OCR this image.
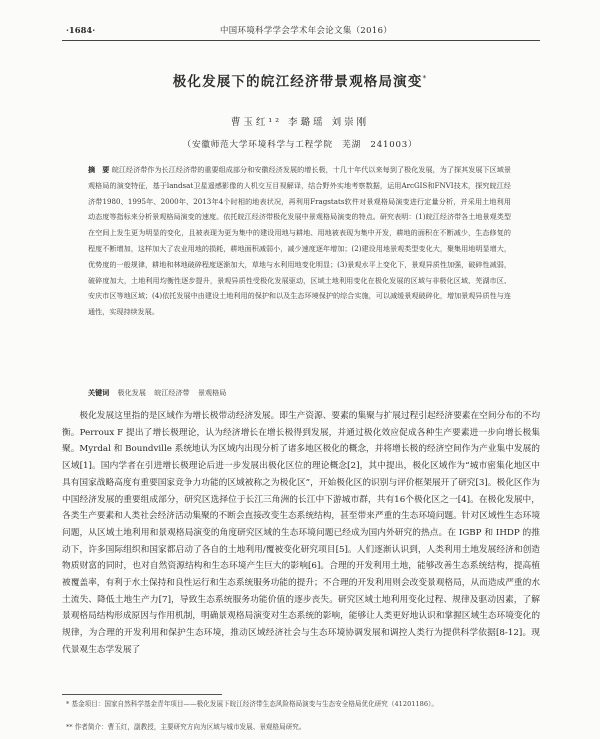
·1684·	中国环境科学学会学术年会论文集（2016）
极化发展下的皖江经济带景观格局演变*
曹玉红¹² 李璐瑶 刘崇刚
（安徽师范大学环境科学与工程学院　芜湖　241003）
摘　要 皖江经济带作为长江经济带的重要组成部分和安徽经济发展的增长极，十几十年代以来每到了极化发展，为了探其发展下区域景观格局的演变特征，基于landsat卫星遥感影像的人机交互目视解译，结合野外实地考察数据，运用ArcGIS和FNVI技术，探究皖江经济带1980、1995年、2000年、2013年4个时相的地表状况，再利用Fragstats软件对景观格局演变进行定量分析，并采用土地利用动态度等指标来分析景观格局演变的速度。依托皖江经济带极化发展中景观格局演变的特点。研究表明：(1)皖江经济带各土地景观类型在空间上发生更为明显的变化，且被表现为更为集中的建设用地与耕地、用地被表现为集中开发，耕地的面积在不断减少，生态修复的程度不断增加，这样加大了农业用地的损耗，耕地面积减弱小，减少速度逐年增加；(2)建设用地景观类型变化大，聚集用地明显增大，优势度的一般规律，耕地和林地破碎程度逐渐加大，草地与水利用地变化明显；(3)景观水平上变化下，景观异质性加强，破碎性减弱，破碎度加大，土地利用均衡性逐步提升，景观异质性受极化发展驱动，区域土地利用变化在极化发展的区域与非极化区域、芜湖市区、安庆市区等地区域；(4)依托发展中由建设土地利用的保护和以及生态环境保护的综合实施，可以减缓景观破碎化，增加景观异质性与连通性，实现持续发展。
关键词 极化发展 皖江经济带 景观格局
极化发展这里指的是区域作为增长极带动经济发展。即生产资源、要素的集聚与扩展过程引起经济要素在空间分布的不均衡。Perroux F 提出了增长极理论，认为经济增长在增长极得到发展，并通过极化效应促成各种生产要素进一步向增长极集聚。Myrdal 和 Boundville 系统地认为区域内出现分析了诸多地区极化的概念，并将增长极的经济空间作为产业集中发展的区域[1]。国内学者在引进增长极理论后进一步发展出极化区位的理论概念[2]，其中提出，极化区域作为“城市密集化地区中具有国家战略高度有重要国家竞争力功能的区域被称之为极化区”，开始极化区的识别与评价框架展开了研究[3]。极化区作为中国经济发展的重要组成部分，研究区选择位于长江三角洲的长江中下游城市群，共有16个极化区之一[4]。在极化发展中，各类生产要素和人类社会经济活动集聚的不断会直接改变生态系统结构，甚至带来严重的生态环境问题。针对区域性生态环境问题，从区域土地利用和景观格局演变的角度研究区域的生态环境问题已经成为国内外研究的热点。在 IGBP 和 IHDP 的推动下，许多国际组织和国家都启动了各自的土地利用/覆被变化研究项目[5]。人们逐渐认识到，人类利用土地发展经济和创造物质财富的同时，也对自然资源结构和生态环境产生巨大的影响[6]。合理的开发利用土地，能够改善生态系统结构，提高植被覆盖率，有利于水土保持和良性运行和生态系统服务功能的提升；不合理的开发利用则会改变景观格局，从而造成严重的水土流失、降低土地生产力[7]，导致生态系统服务功能价值的逐步丧失。研究区域土地利用变化过程、规律及驱动因素，了解景观格局结构形成原因与作用机制，明确景观格局演变对生态系统的影响，能够让人类更好地认识和掌握区域生态环境变化的规律，为合理的开发利用和保护生态环境，推动区域经济社会与生态环境协调发展和调控人类行为提供科学依据[8-12]。现代景观生态学发展了
* 基金项目：国家自然科学基金青年项目——极化发展下皖江经济带生态风险格局演变与生态安全格局优化研究（41201186）。
** 作者简介：曹玉红，副教授，主要研究方向为区域与城市发展、景观格局研究。
